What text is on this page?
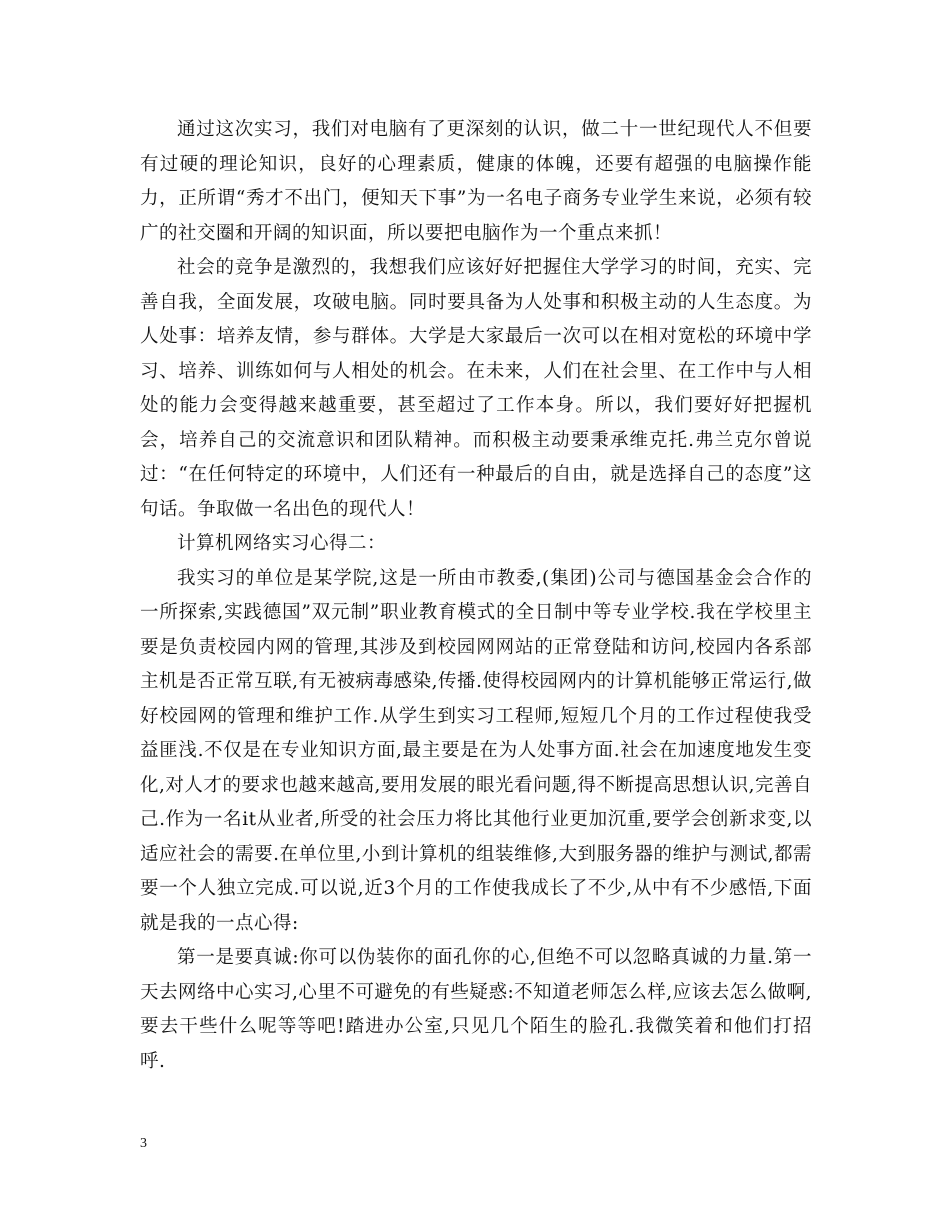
通过这次实习，我们对电脑有了更深刻的认识，做二十一世纪现代人不但要有过硬的理论知识，良好的心理素质，健康的体魄，还要有超强的电脑操作能力，正所谓“秀才不出门，便知天下事”为一名电子商务专业学生来说，必须有较广的社交圈和开阔的知识面，所以要把电脑作为一个重点来抓！

社会的竞争是激烈的，我想我们应该好好把握住大学学习的时间，充实、完善自我，全面发展，攻破电脑。同时要具备为人处事和积极主动的人生态度。为人处事：培养友情，参与群体。大学是大家最后一次可以在相对宽松的环境中学习、培养、训练如何与人相处的机会。在未来，人们在社会里、在工作中与人相处的能力会变得越来越重要，甚至超过了工作本身。所以，我们要好好把握机会，培养自己的交流意识和团队精神。而积极主动要秉承维克托.弗兰克尔曾说过：“在任何特定的环境中，人们还有一种最后的自由，就是选择自己的态度”这句话。争取做一名出色的现代人！

计算机网络实习心得二：

我实习的单位是某学院,这是一所由市教委,(集团)公司与德国基金会合作的一所探索,实践德国”双元制”职业教育模式的全日制中等专业学校.我在学校里主要是负责校园内网的管理,其涉及到校园网网站的正常登陆和访问,校园内各系部主机是否正常互联,有无被病毒感染,传播.使得校园网内的计算机能够正常运行,做好校园网的管理和维护工作.从学生到实习工程师,短短几个月的工作过程使我受益匪浅.不仅是在专业知识方面,最主要是在为人处事方面.社会在加速度地发生变化,对人才的要求也越来越高,要用发展的眼光看问题,得不断提高思想认识,完善自己.作为一名it从业者,所受的社会压力将比其他行业更加沉重,要学会创新求变,以适应社会的需要.在单位里,小到计算机的组装维修,大到服务器的维护与测试,都需要一个人独立完成.可以说,近3个月的工作使我成长了不少,从中有不少感悟,下面就是我的一点心得:

第一是要真诚:你可以伪装你的面孔你的心,但绝不可以忽略真诚的力量.第一天去网络中心实习,心里不可避免的有些疑惑:不知道老师怎么样,应该去怎么做啊,要去干些什么呢等等吧!踏进办公室,只见几个陌生的脸孔.我微笑着和他们打招呼.

3
